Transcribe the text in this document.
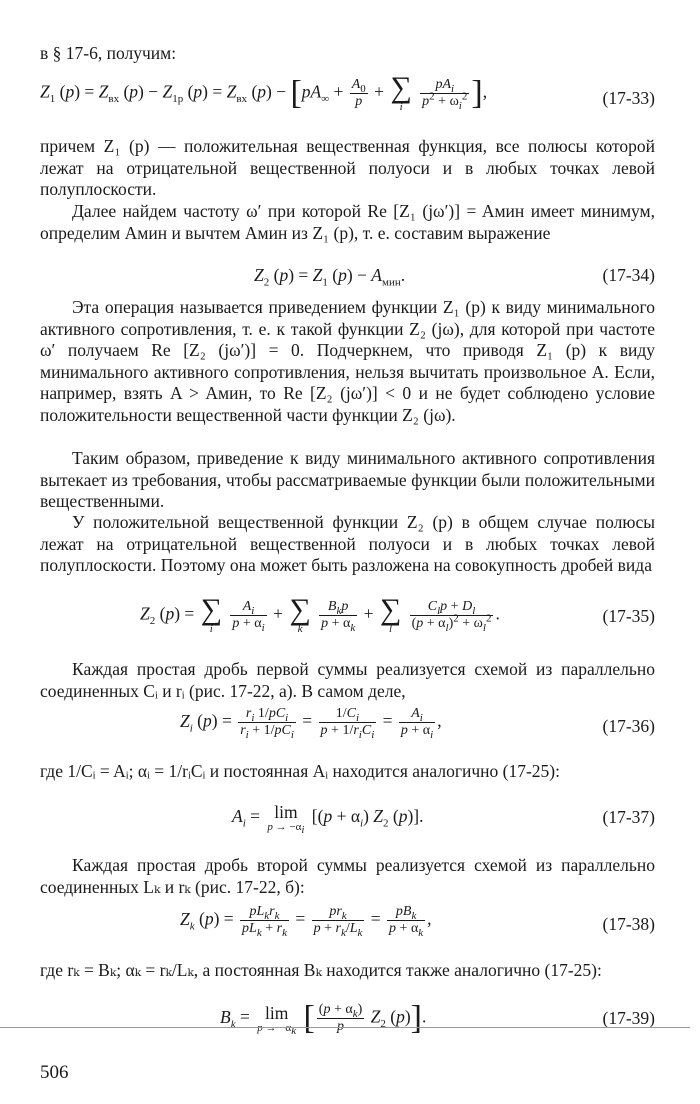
в § 17-6, получим:
$Z_1$ $(p) = Z_{вх}$ $(p) - Z_{1р}$ $(p) = Z_{вх}$ $(p) - [pA_\infty + \frac{A_0}{p}$ + ∑
i
	$\frac{pA_i}{p^2 + \omega_i^2}$ ],	(17-33)
причем Z₁ (p) — положительная вещественная функция, все полюсы которой лежат на отрицательной вещественной полуоси и в любых точках левой полуплоскости.
Далее найдем частоту ω′ при которой Re [Z₁ (jω′)] = Aмин имеет минимум, определим Aмин и вычтем Aмин из Z₁ (p), т. е. составим выражение
$Z_2$ $(p) = Z_1$ $(p) - A_{мин}$.	(17-34)
Эта операция называется приведением функции Z₁ (p) к виду минимального активного сопротивления, т. е. к такой функции Z₂ (jω), для которой при частоте ω′ получаем Re [Z₂ (jω′)] = 0. Подчеркнем, что приводя Z₁ (p) к виду минимального активного сопротивления, нельзя вычитать произвольное A. Если, например, взять A > Aмин, то Re [Z₂ (jω′)] < 0 и не будет соблюдено условие положительности вещественной части функции Z₂ (jω).
Таким образом, приведение к виду минимального активного сопротивления вытекает из требования, чтобы рассматриваемые функции были положительными вещественными.
У положительной вещественной функции Z₂ (p) в общем случае полюсы лежат на отрицательной вещественной полуоси и в любых точках левой полуплоскости. Поэтому она может быть разложена на совокупность дробей вида
$Z_2$ (p) = ∑
i
	$\frac{A_i}{p + \alpha_i}$ + ∑
k
	$\frac{B_kp}{p + \alpha_k}$ + ∑
l
	$\frac{C_lp + D_l}{(p + \alpha_l)^2 + \omega_l^2}$ .	(17-35)
Каждая простая дробь первой суммы реализуется схемой из параллельно соединенных Cᵢ и rᵢ (рис. 17-22, а). В самом деле,
$Z_i$ $(p) = \frac{r_i 1/pC_i}{r_i + 1/pC_i} = \frac{1/C_i}{p + 1/r_iC_i} = \frac{A_i}{p + \alpha_i}$ ,	(17-36)
где 1/Cᵢ = Aᵢ; αᵢ = 1/rᵢCᵢ и постоянная Aᵢ находится аналогично (17-25):
$A_i = \lim$
$p \to -\alpha_i$
[$(p + \alpha_i)$ $Z_2$ (p)].	(17-37)
Каждая простая дробь второй суммы реализуется схемой из параллельно соединенных Lₖ и rₖ (рис. 17-22, б):
$Z_k$ $(p) = \frac{pL_kr_k}{pL_k + r_k} = \frac{pr_k}{p + r_k/L_k} = \frac{pB_k}{p + \alpha_k}$ ,	(17-38)
где rₖ = Bₖ; αₖ = rₖ/Lₖ, а постоянная Bₖ находится также аналогично (17-25):
$B_k = \lim$
$p \to -\alpha_k$ [ $\frac{(p + \alpha_k)}{p} Z_2$ (p)].	(17-39)
506
